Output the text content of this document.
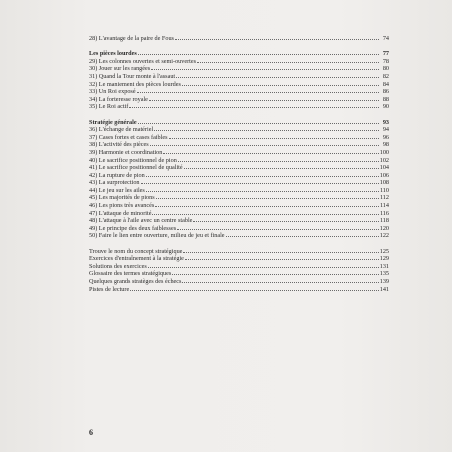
28) L'avantage de la paire de Fous	74
Les pièces lourdes	77
29) Les colonnes ouvertes et semi-ouvertes	78
30) Jouer sur les rangées	80
31) Quand la Tour monte à l'assaut	82
32) Le maniement des pièces lourdes	84
33) Un Roi exposé	86
34) La forteresse royale	88
35) Le Roi actif	90
Stratégie générale	93
36) L'échange de matériel	94
37) Cases fortes et cases faibles	96
38) L'activité des pièces	98
39) Harmonie et coordination	100
40) Le sacrifice positionnel de pion	102
41) Le sacrifice positionnel de qualité	104
42) La rupture de pion	106
43) La surprotection	108
44) Le jeu sur les ailes	110
45) Les majorités de pions	112
46) Les pions très avancés	114
47) L'attaque de minorité	116
48) L'attaque à l'aile avec un centre stable	118
49) Le principe des deux faiblesses	120
50) Faire le lien entre ouverture, milieu de jeu et finale	122
Trouve le nom du concept stratégique	125
Exercices d'entraînement à la stratégie	129
Solutions des exercices	131
Glossaire des termes stratégiques	135
Quelques grands stratèges des échecs	139
Pistes de lecture	141
6
